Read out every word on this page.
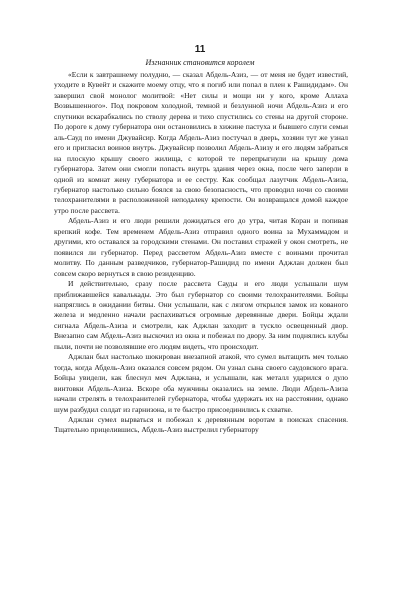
11
Изгнанник становится королем

«Если к завтрашнему полудню, — сказал Абдель-Азиз, — от меня не будет известий, уходите в Кувейт и скажите моему отцу, что я погиб или попал в плен к Рашидидам». Он завершил свой монолог молитвой: «Нет силы и мощи ни у кого, кроме Аллаха Возвышенного». Под покровом холодной, темной и безлунной ночи Абдель-Азиз и его спутники вскарабкались по стволу дерева и тихо спустились со стены на другой стороне. По дороге к дому губернатора они остановились в хижине пастуха и бывшего слуги семьи аль-Сауд по имени Джувайсир. Когда Абдель-Азиз постучал в дверь, хозяин тут же узнал его и пригласил воинов внутрь. Джувайсир позволил Абдель-Азизу и его людям забраться на плоскую крышу своего жилища, с которой те перепрыгнули на крышу дома губернатора. Затем они смогли попасть внутрь здания через окна, после чего заперли в одной из комнат жену губернатора и ее сестру. Как сообщал лазутчик Абдель-Азиза, губернатор настолько сильно боялся за свою безопасность, что проводил ночи со своими телохранителями в расположенной неподалеку крепости. Он возвращался домой каждое утро после рассвета.

Абдель-Азиз и его люди решили дожидаться его до утра, читая Коран и попивая крепкий кофе. Тем временем Абдель-Азиз отправил одного воина за Мухаммадом и другими, кто оставался за городскими стенами. Он поставил стражей у окон смотреть, не появился ли губернатор. Перед рассветом Абдель-Азиз вместе с воинами прочитал молитву. По данным разведчиков, губернатор-Рашидид по имени Аджлан должен был совсем скоро вернуться в свою резиденцию.

И действительно, сразу после рассвета Сауды и его люди услышали шум приближавшейся кавалькады. Это был губернатор со своими телохранителями. Бойцы напряглись в ожидании битвы. Они услышали, как с лязгом открылся замок из кованого железа и медленно начали распахиваться огромные деревянные двери. Бойцы ждали сигнала Абдель-Азиза и смотрели, как Аджлан заходит в тускло освещенный двор. Внезапно сам Абдель-Азиз выскочил из окна и побежал по двору. За ним поднялись клубы пыли, почти не позволявшие его людям видеть, что происходит.

Аджлан был настолько шокирован внезапной атакой, что сумел вытащить меч только тогда, когда Абдель-Азиз оказался совсем рядом. Он узнал сына своего саудовского врага. Бойцы увидели, как блеснул меч Аджлана, и услышали, как металл ударился о дуло винтовки Абдель-Азиза. Вскоре оба мужчины оказались на земле. Люди Абдель-Азиза начали стрелять в телохранителей губернатора, чтобы удержать их на расстоянии, однако шум разбудил солдат из гарнизона, и те быстро присоединились к схватке.

Аджлан сумел вырваться и побежал к деревянным воротам в поисках спасения. Тщательно прицелившись, Абдель-Азиз выстрелил губернатору
